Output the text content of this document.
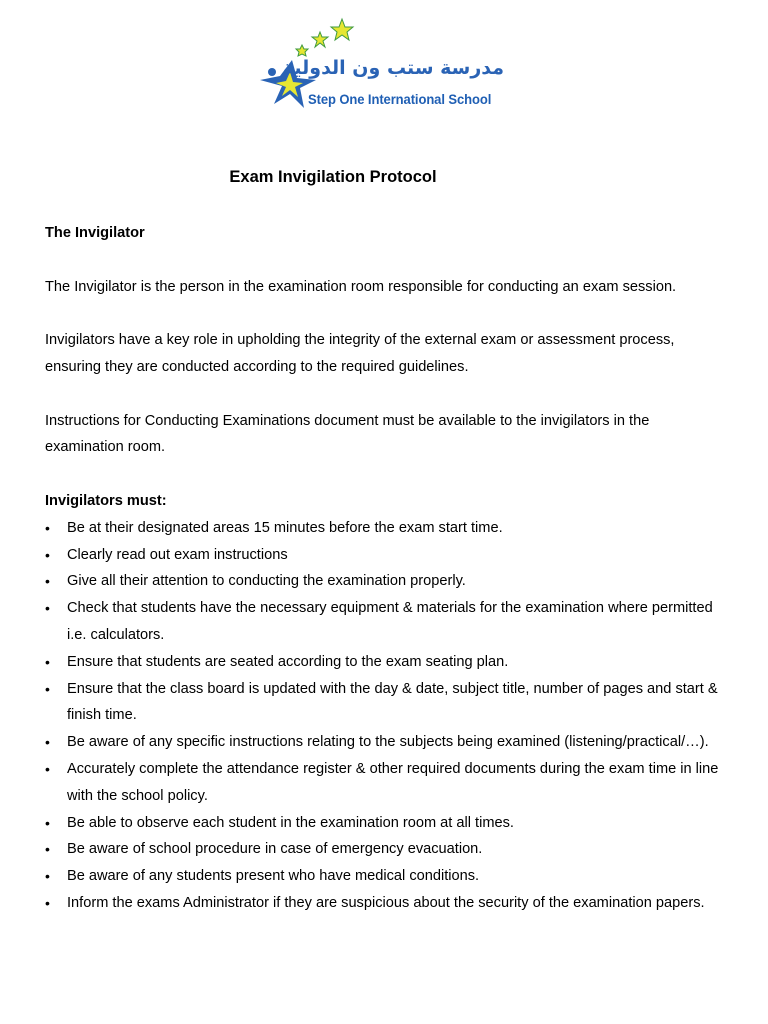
مدرسة ستب ون الدولية
Step One International School
Exam Invigilation Protocol

The Invigilator

The Invigilator is the person in the examination room responsible for conducting an exam session.

Invigilators have a key role in upholding the integrity of the external exam or assessment process, ensuring they are conducted according to the required guidelines.

Instructions for Conducting Examinations document must be available to the invigilators in the examination room.

Invigilators must:

• Be at their designated areas 15 minutes before the exam start time.
• Clearly read out exam instructions
• Give all their attention to conducting the examination properly.
• Check that students have the necessary equipment & materials for the examination where permitted i.e. calculators.
• Ensure that students are seated according to the exam seating plan.
• Ensure that the class board is updated with the day & date, subject title, number of pages and start & finish time.
• Be aware of any specific instructions relating to the subjects being examined (listening/practical/…).
• Accurately complete the attendance register & other required documents during the exam time in line with the school policy.
• Be able to observe each student in the examination room at all times.
• Be aware of school procedure in case of emergency evacuation.
• Be aware of any students present who have medical conditions.
• Inform the exams Administrator if they are suspicious about the security of the examination papers.
